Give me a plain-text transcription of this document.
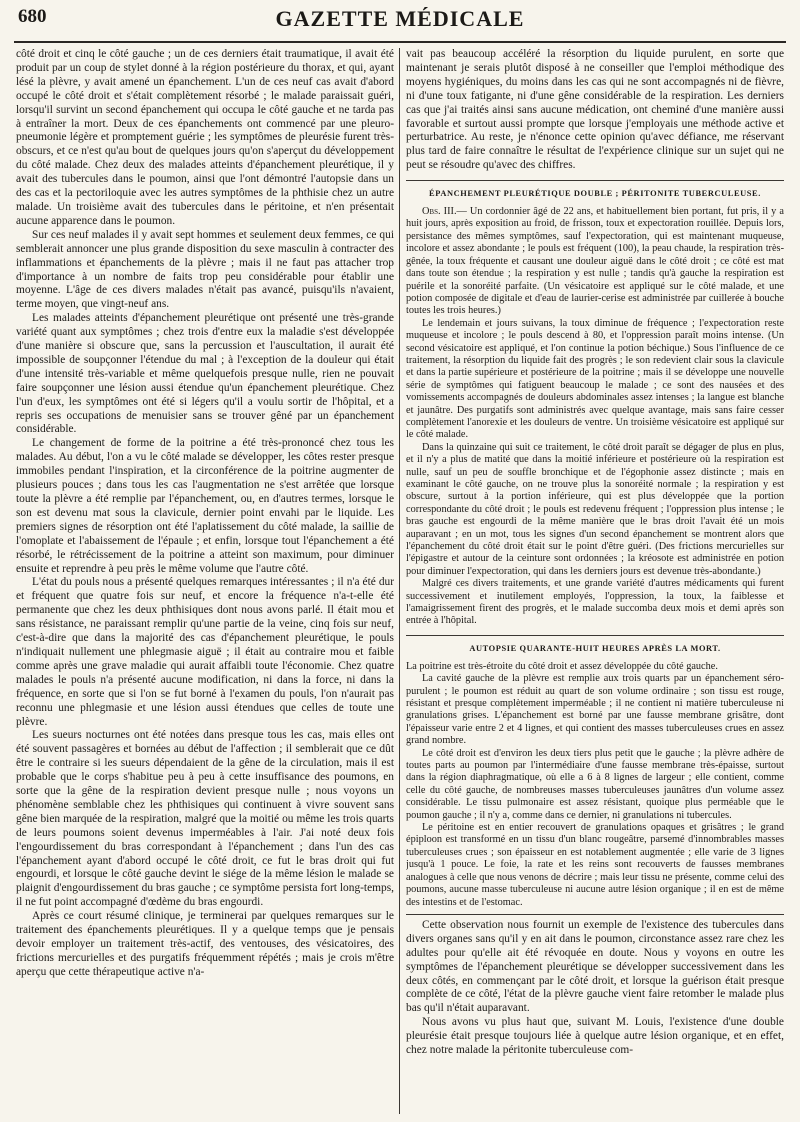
680	GAZETTE MÉDICALE

côté droit et cinq le côté gauche ; un de ces derniers était traumatique, il avait été produit par un coup de stylet donné à la région postérieure du thorax, et qui, ayant lésé la plèvre, y avait amené un épanchement. L'un de ces neuf cas avait d'abord occupé le côté droit et s'était complètement résorbé ; le malade paraissait guéri, lorsqu'il survint un second épanchement qui occupa le côté gauche et ne tarda pas à entraîner la mort. Deux de ces épanchements ont commencé par une pleuro-pneumonie légère et promptement guérie ; les symptômes de pleurésie furent très-obscurs, et ce n'est qu'au bout de quelques jours qu'on s'aperçut du développement du côté malade. Chez deux des malades atteints d'épanchement pleurétique, il y avait des tubercules dans le poumon, ainsi que l'ont démontré l'autopsie dans un des cas et la pectoriloquie avec les autres symptômes de la phthisie chez un autre malade. Un troisième avait des tubercules dans le péritoine, et n'en présentait aucune apparence dans le poumon.

Sur ces neuf malades il y avait sept hommes et seulement deux femmes, ce qui semblerait annoncer une plus grande disposition du sexe masculin à contracter des inflammations et épanchements de la plèvre ; mais il ne faut pas attacher trop d'importance à un nombre de faits trop peu considérable pour établir une moyenne. L'âge de ces divers malades n'était pas avancé, puisqu'ils n'avaient, terme moyen, que vingt-neuf ans.

Les malades atteints d'épanchement pleurétique ont présenté une très-grande variété quant aux symptômes ; chez trois d'entre eux la maladie s'est développée d'une manière si obscure que, sans la percussion et l'auscultation, il aurait été impossible de soupçonner l'étendue du mal ; à l'exception de la douleur qui était d'une intensité très-variable et même quelquefois presque nulle, rien ne pouvait faire soupçonner une lésion aussi étendue qu'un épanchement pleurétique. Chez l'un d'eux, les symptômes ont été si légers qu'il a voulu sortir de l'hôpital, et a repris ses occupations de menuisier sans se trouver gêné par un épanchement considérable.

Le changement de forme de la poitrine a été très-prononcé chez tous les malades. Au début, l'on a vu le côté malade se développer, les côtes rester presque immobiles pendant l'inspiration, et la circonférence de la poitrine augmenter de plusieurs pouces ; dans tous les cas l'augmentation ne s'est arrêtée que lorsque toute la plèvre a été remplie par l'épanchement, ou, en d'autres termes, lorsque le son est devenu mat sous la clavicule, dernier point envahi par le liquide. Les premiers signes de résorption ont été l'aplatissement du côté malade, la saillie de l'omoplate et l'abaissement de l'épaule ; et enfin, lorsque tout l'épanchement a été résorbé, le rétrécissement de la poitrine a atteint son maximum, pour diminuer ensuite et reprendre à peu près le même volume que l'autre côté.

L'état du pouls nous a présenté quelques remarques intéressantes ; il n'a été dur et fréquent que quatre fois sur neuf, et encore la fréquence n'a-t-elle été permanente que chez les deux phthisiques dont nous avons parlé. Il était mou et sans résistance, ne paraissant remplir qu'une partie de la veine, cinq fois sur neuf, c'est-à-dire que dans la majorité des cas d'épanchement pleurétique, le pouls n'indiquait nullement une phlegmasie aiguë ; il était au contraire mou et faible comme après une grave maladie qui aurait affaibli toute l'économie. Chez quatre malades le pouls n'a présenté aucune modification, ni dans la force, ni dans la fréquence, en sorte que si l'on se fut borné à l'examen du pouls, l'on n'aurait pas reconnu une phlegmasie et une lésion aussi étendues que celles de toute une plèvre.

Les sueurs nocturnes ont été notées dans presque tous les cas, mais elles ont été souvent passagères et bornées au début de l'affection ; il semblerait que ce dût être le contraire si les sueurs dépendaient de la gêne de la circulation, mais il est probable que le corps s'habitue peu à peu à cette insuffisance des poumons, en sorte que la gêne de la respiration devient presque nulle ; nous voyons un phénomène semblable chez les phthisiques qui continuent à vivre souvent sans gêne bien marquée de la respiration, malgré que la moitié ou même les trois quarts de leurs poumons soient devenus imperméables à l'air. J'ai noté deux fois l'engourdissement du bras correspondant à l'épanchement ; dans l'un des cas l'épanchement ayant d'abord occupé le côté droit, ce fut le bras droit qui fut engourdi, et lorsque le côté gauche devint le siége de la même lésion le malade se plaignit d'engourdissement du bras gauche ; ce symptôme persista fort long-temps, il ne fut point accompagné d'œdème du bras engourdi.

Après ce court résumé clinique, je terminerai par quelques remarques sur le traitement des épanchements pleurétiques. Il y a quelque temps que je pensais devoir employer un traitement très-actif, des ventouses, des vésicatoires, des frictions mercurielles et des purgatifs fréquemment répétés ; mais je crois m'être aperçu que cette thérapeutique active n'a-

vait pas beaucoup accéléré la résorption du liquide purulent, en sorte que maintenant je serais plutôt disposé à ne conseiller que l'emploi méthodique des moyens hygiéniques, du moins dans les cas qui ne sont accompagnés ni de fièvre, ni d'une toux fatigante, ni d'une gêne considérable de la respiration. Les derniers cas que j'ai traités ainsi sans aucune médication, ont cheminé d'une manière aussi favorable et surtout aussi prompte que lorsque j'employais une méthode active et perturbatrice. Au reste, je n'énonce cette opinion qu'avec défiance, me réservant plus tard de faire connaître le résultat de l'expérience clinique sur un sujet qui ne peut se résoudre qu'avec des chiffres.

ÉPANCHEMENT PLEURÉTIQUE DOUBLE ; PÉRITONITE TUBERCULEUSE.

Obs. III.— Un cordonnier âgé de 22 ans, et habituellement bien portant, fut pris, il y a huit jours, après exposition au froid, de frisson, toux et expectoration rouillée. Depuis lors, persistance des mêmes symptômes, sauf l'expectoration, qui est maintenant muqueuse, incolore et assez abondante ; le pouls est fréquent (100), la peau chaude, la respiration très-gênée, la toux fréquente et causant une douleur aiguë dans le côté droit ; ce côté est mat dans toute son étendue ; la respiration y est nulle ; tandis qu'à gauche la respiration est puérile et la sonoréité parfaite. (Un vésicatoire est appliqué sur le côté malade, et une potion composée de digitale et d'eau de laurier-cerise est administrée par cuillerée à bouche toutes les trois heures.)

Le lendemain et jours suivans, la toux diminue de fréquence ; l'expectoration reste muqueuse et incolore ; le pouls descend à 80, et l'oppression paraît moins intense. (Un second vésicatoire est appliqué, et l'on continue la potion béchique.) Sous l'influence de ce traitement, la résorption du liquide fait des progrès ; le son redevient clair sous la clavicule et dans la partie supérieure et postérieure de la poitrine ; mais il se développe une nouvelle série de symptômes qui fatiguent beaucoup le malade ; ce sont des nausées et des vomissements accompagnés de douleurs abdominales assez intenses ; la langue est blanche et jaunâtre. Des purgatifs sont administrés avec quelque avantage, mais sans faire cesser complètement l'anorexie et les douleurs de ventre. Un troisième vésicatoire est appliqué sur le côté malade.

Dans la quinzaine qui suit ce traitement, le côté droit paraît se dégager de plus en plus, et il n'y a plus de matité que dans la moitié inférieure et postérieure où la respiration est nulle, sauf un peu de souffle bronchique et de l'égophonie assez distincte ; mais en examinant le côté gauche, on ne trouve plus la sonoréité normale ; la respiration y est obscure, surtout à la portion inférieure, qui est plus développée que la portion correspondante du côté droit ; le pouls est redevenu fréquent ; l'oppression plus intense ; le bras gauche est engourdi de la même manière que le bras droit l'avait été un mois auparavant ; en un mot, tous les signes d'un second épanchement se montrent alors que l'épanchement du côté droit était sur le point d'être guéri. (Des frictions mercurielles sur l'épigastre et autour de la ceinture sont ordonnées ; la kréosote est administrée en potion pour diminuer l'expectoration, qui dans les derniers jours est devenue très-abondante.)

Malgré ces divers traitements, et une grande variété d'autres médicaments qui furent successivement et inutilement employés, l'oppression, la toux, la faiblesse et l'amaigrissement firent des progrès, et le malade succomba deux mois et demi après son entrée à l'hôpital.

AUTOPSIE QUARANTE-HUIT HEURES APRÈS LA MORT.

La poitrine est très-étroite du côté droit et assez développée du côté gauche.

La cavité gauche de la plèvre est remplie aux trois quarts par un épanchement séro-purulent ; le poumon est réduit au quart de son volume ordinaire ; son tissu est rouge, résistant et presque complètement imperméable ; il ne contient ni matière tuberculeuse ni granulations grises. L'épanchement est borné par une fausse membrane grisâtre, dont l'épaisseur varie entre 2 et 4 lignes, et qui contient des masses tuberculeuses crues en assez grand nombre.

Le côté droit est d'environ les deux tiers plus petit que le gauche ; la plèvre adhère de toutes parts au poumon par l'intermédiaire d'une fausse membrane très-épaisse, surtout dans la région diaphragmatique, où elle a 6 à 8 lignes de largeur ; elle contient, comme celle du côté gauche, de nombreuses masses tuberculeuses jaunâtres d'un volume assez considérable. Le tissu pulmonaire est assez résistant, quoique plus perméable que le poumon gauche ; il n'y a, comme dans ce dernier, ni granulations ni tubercules.

Le péritoine est en entier recouvert de granulations opaques et grisâtres ; le grand épiploon est transformé en un tissu d'un blanc rougeâtre, parsemé d'innombrables masses tuberculeuses crues ; son épaisseur en est notablement augmentée ; elle varie de 3 lignes jusqu'à 1 pouce. Le foie, la rate et les reins sont recouverts de fausses membranes analogues à celle que nous venons de décrire ; mais leur tissu ne présente, comme celui des poumons, aucune masse tuberculeuse ni aucune autre lésion organique ; il en est de même des intestins et de l'estomac.

Cette observation nous fournit un exemple de l'existence des tubercules dans divers organes sans qu'il y en ait dans le poumon, circonstance assez rare chez les adultes pour qu'elle ait été révoquée en doute. Nous y voyons en outre les symptômes de l'épanchement pleurétique se développer successivement dans les deux côtés, en commençant par le côté droit, et lorsque la guérison était presque complète de ce côté, l'état de la plèvre gauche vient faire retomber le malade plus bas qu'il n'était auparavant.

Nous avons vu plus haut que, suivant M. Louis, l'existence d'une double pleurésie était presque toujours liée à quelque autre lésion organique, et en effet, chez notre malade la péritonite tuberculeuse com-
